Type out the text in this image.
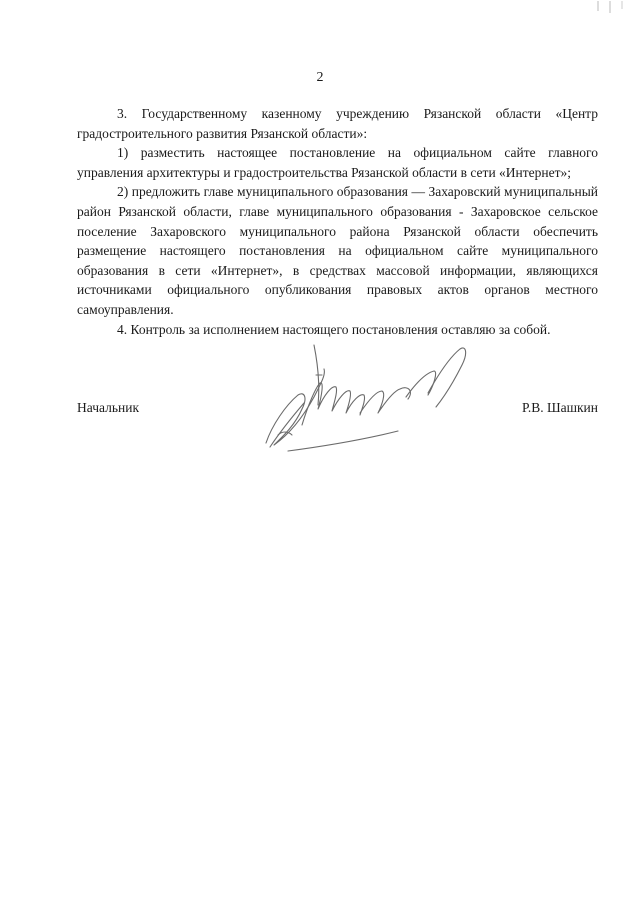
2

3. Государственному казенному учреждению Рязанской области «Центр градостроительного развития Рязанской области»:

1) разместить настоящее постановление на официальном сайте главного управления архитектуры и градостроительства Рязанской области в сети «Интернет»;

2) предложить главе муниципального образования — Захаровский муниципальный район Рязанской области, главе муниципального образования - Захаровское сельское поселение Захаровского муниципального района Рязанской области обеспечить размещение настоящего постановления на официальном сайте муниципального образования в сети «Интернет», в средствах массовой информации, являющихся источниками официального опубликования правовых актов органов местного самоуправления.

4. Контроль за исполнением настоящего постановления оставляю за собой.

Начальник	Р.В. Шашкин
